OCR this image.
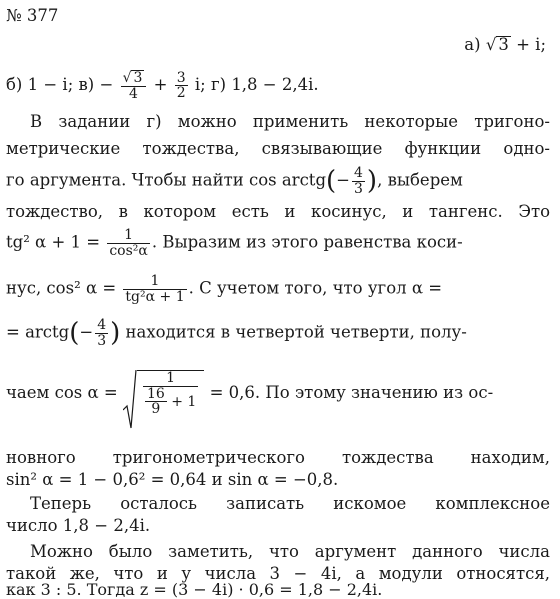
№ 377
а) √ 3 + i;
б) 1 − i; $в) - \frac{√ 3}{4} + \frac{3}{2} i$; г) 1,8 − 2,4i.
В задании г) можно применить некоторые тригоно-
метрические тождества, связывающие функции одно-
го аргумента. Чтобы найти cos arctg(− $\frac{4}{3}$ ), выберем
тождество, в котором есть и косинус, и тангенс. Это
tg² $\alpha + 1 = \frac{1}{\text{cos²α}}$ . Выразим из этого равенства коси-
нус, cos² $\alpha = \frac{1}{\text{tg²α + 1}}$ . С учетом того, что угол α =
= arctg(− $\frac{4}{3}$ ) находится в четвертой четверти, полу-
чаем $\cos \alpha = \frac{1}{\frac{16}{9} + 1} = 0,6$. По этому значению из ос-
новного тригонометрического тождества находим,
sin² α = 1 − 0,6² = 0,64 и sin α = −0,8.
Теперь осталось записать искомое комплексное
число 1,8 − 2,4i.
Можно было заметить, что аргумент данного числа
такой же, что и у числа 3 − 4i, а модули относятся,
как 3 : 5. Тогда z = (3 − 4i) · 0,6 = 1,8 − 2,4i.
